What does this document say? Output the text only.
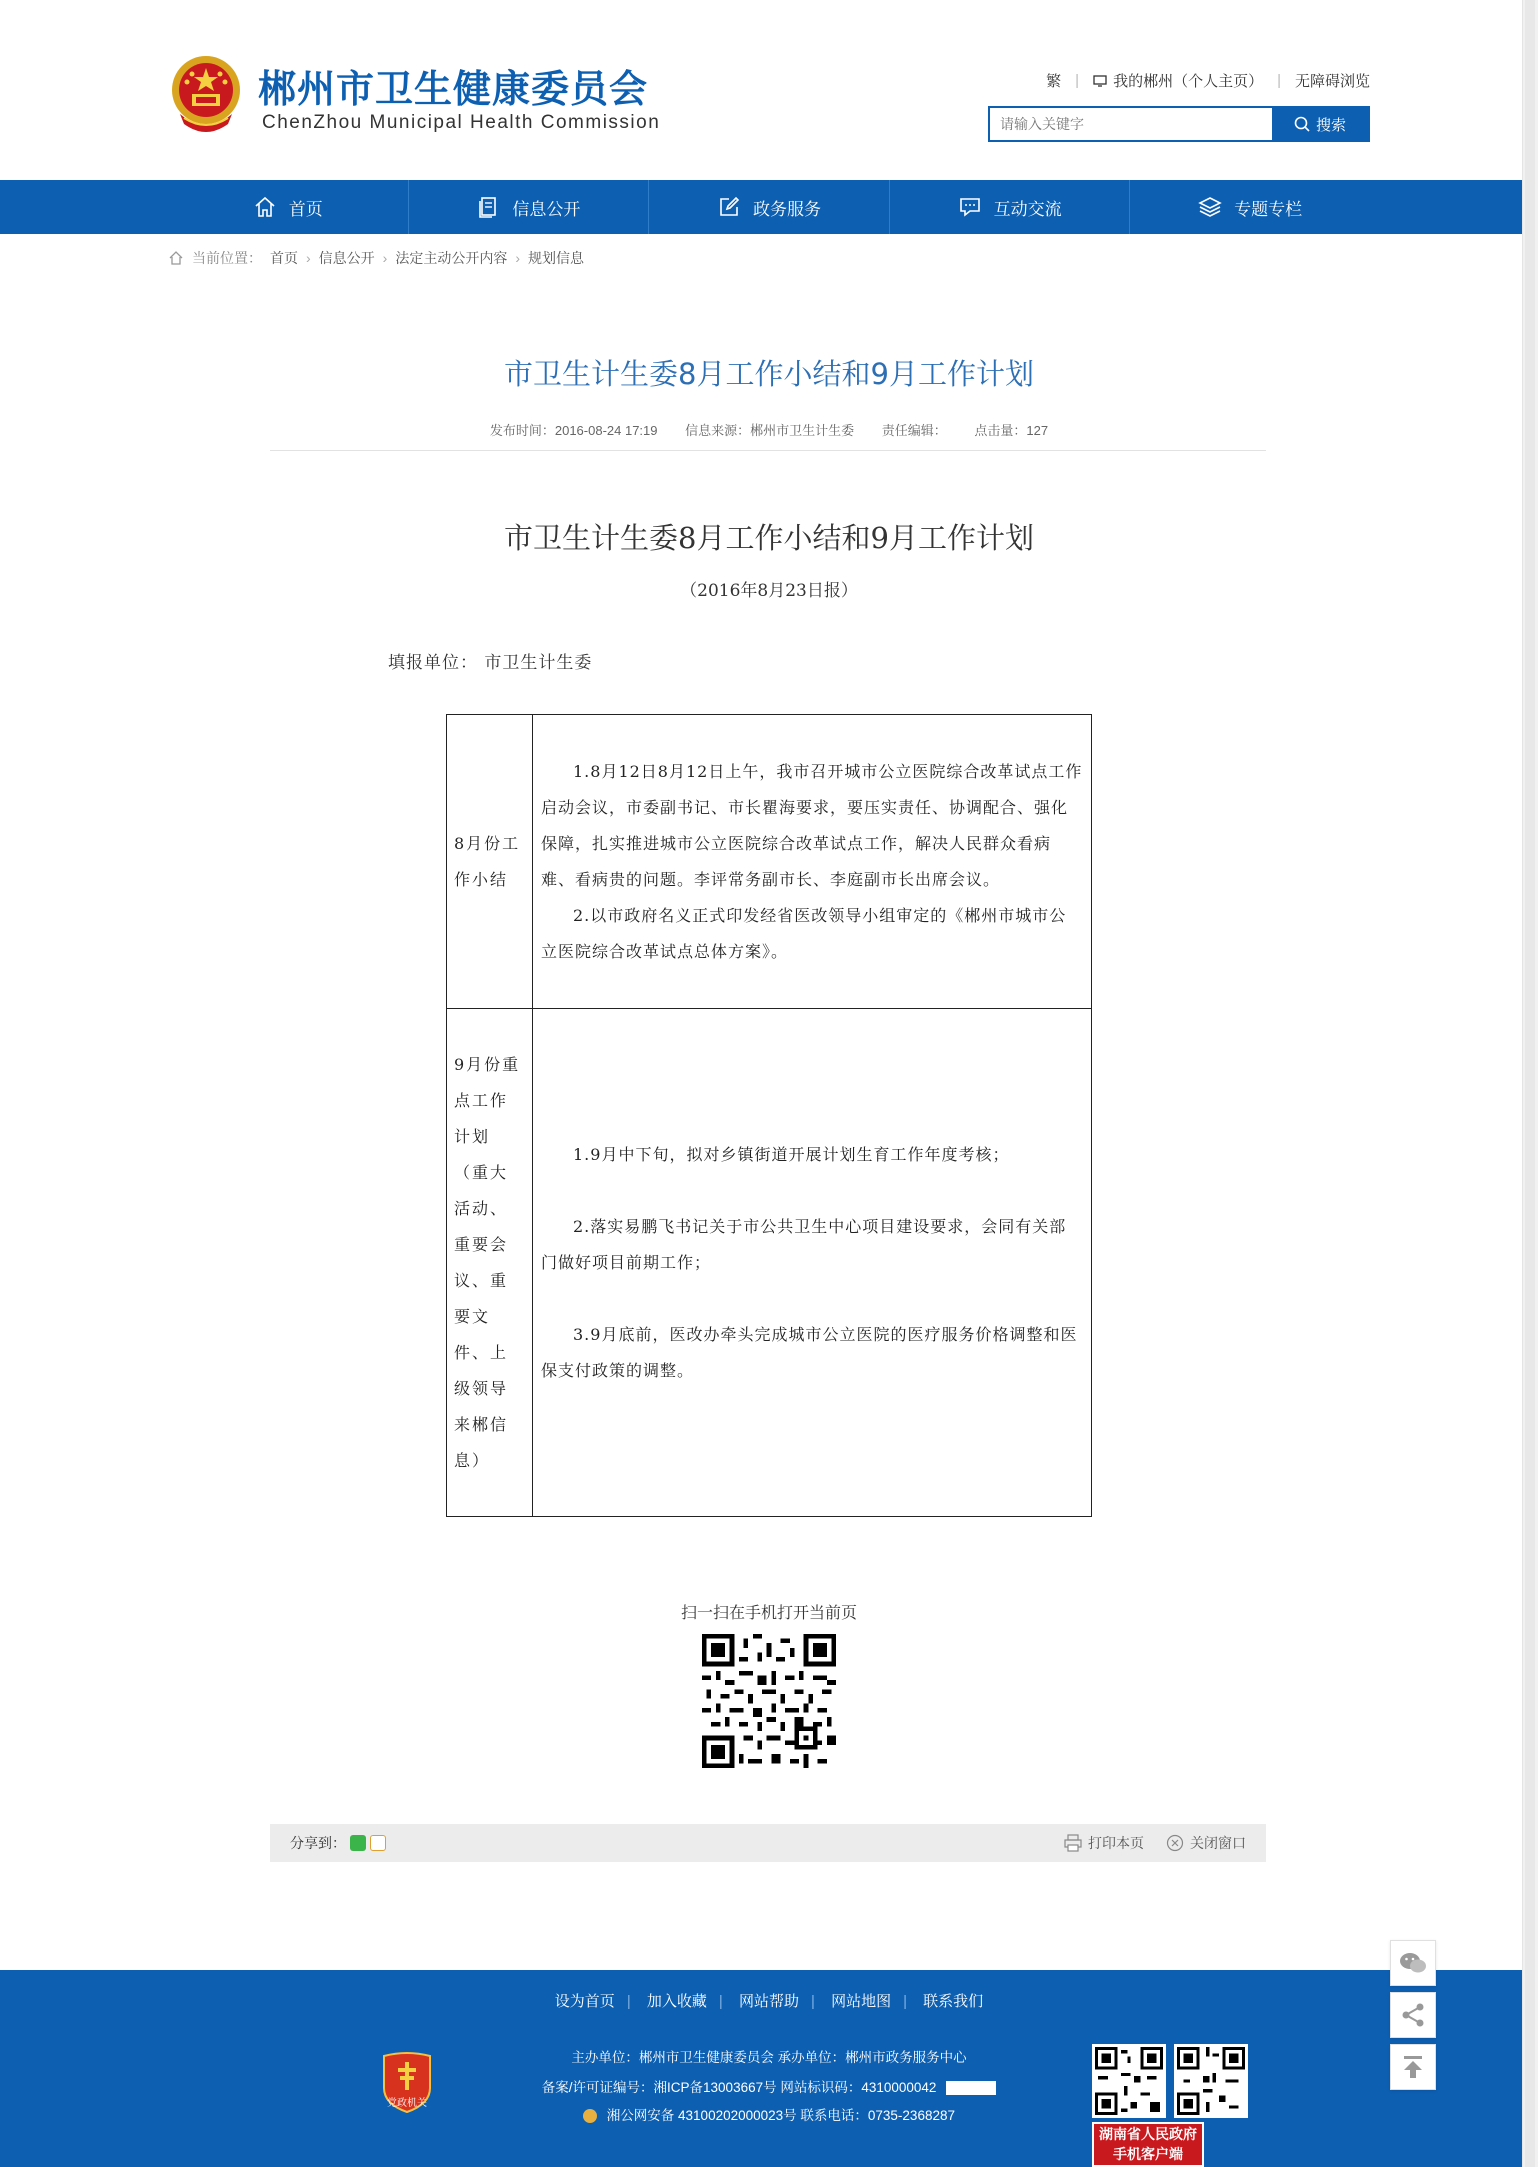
郴州市卫生健康委员会
ChenZhou Municipal Health Commission
繁 | 我的郴州（个人主页） | 无障碍浏览
请输入关键字
搜索
首页	信息公开	政务服务	互动交流	专题专栏
当前位置： 首页 › 信息公开 › 法定主动公开内容 › 规划信息
市卫生计生委8月工作小结和9月工作计划
发布时间：2016-08-24 17:19 信息来源：郴州市卫生计生委 责任编辑： 点击量：127
市卫生计生委8月工作小结和9月工作计划
（2016年8月23日报）
填报单位： 市卫生计生委
8月份工作小结	1.8月12日8月12日上午，我市召开城市公立医院综合改革试点工作启动会议，市委副书记、市长瞿海要求，要压实责任、协调配合、强化保障，扎实推进城市公立医院综合改革试点工作，解决人民群众看病难、看病贵的问题。李评常务副市长、李庭副市长出席会议。

2.以市政府名义正式印发经省医改领导小组审定的《郴州市城市公立医院综合改革试点总体方案》。

9月份重点工作计划（重大活动、重要会议、重要文件、上级领导来郴信息）	1.9月中下旬，拟对乡镇街道开展计划生育工作年度考核；

2.落实易鹏飞书记关于市公共卫生中心项目建设要求，会同有关部门做好项目前期工作；

3.9月底前，医改办牵头完成城市公立医院的医疗服务价格调整和医保支付政策的调整。

扫一扫在手机打开当前页
分享到：	打印本页	关闭窗口
设为首页 | 加入收藏 | 网站帮助 | 网站地图 | 联系我们
党政机关
主办单位：郴州市卫生健康委员会 承办单位：郴州市政务服务中心
备案/许可证编号：湘ICP备13003667号 网站标识码：4310000042
湘公网安备 43100202000023号 联系电话：0735-2368287
湖南省人民政府
手机客户端
